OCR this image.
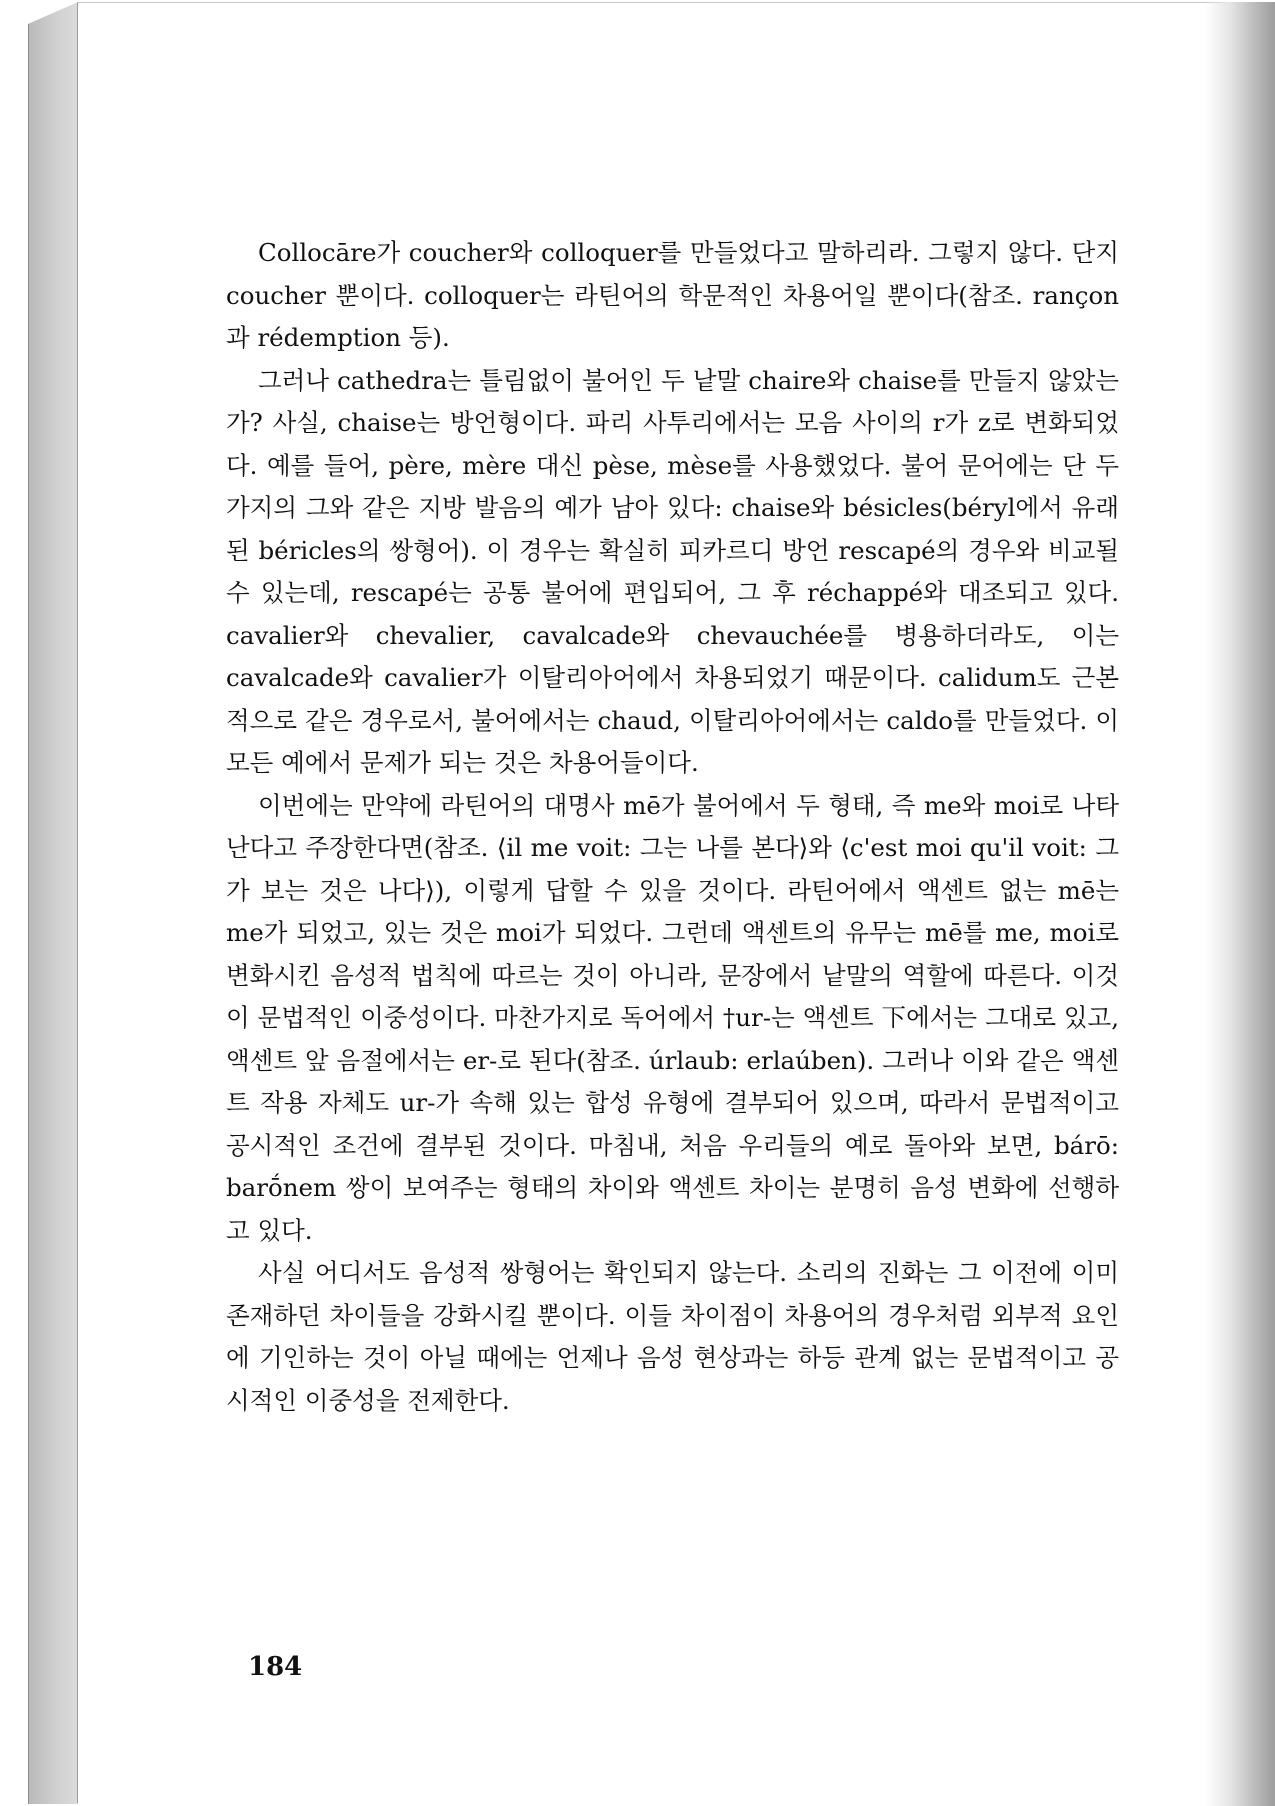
Collocāre가 coucher와 colloquer를 만들었다고 말하리라. 그렇지 않다. 단지 coucher 뿐이다. colloquer는 라틴어의 학문적인 차용어일 뿐이다(참조. rançon과 rédemption 등).

그러나 cathedra는 틀림없이 불어인 두 낱말 chaire와 chaise를 만들지 않았는가? 사실, chaise는 방언형이다. 파리 사투리에서는 모음 사이의 r가 z로 변화되었다. 예를 들어, père, mère 대신 pèse, mèse를 사용했었다. 불어 문어에는 단 두 가지의 그와 같은 지방 발음의 예가 남아 있다: chaise와 bésicles(béryl에서 유래된 béricles의 쌍형어). 이 경우는 확실히 피카르디 방언 rescapé의 경우와 비교될 수 있는데, rescapé는 공통 불어에 편입되어, 그 후 réchappé와 대조되고 있다. cavalier와 chevalier, cavalcade와 chevauchée를 병용하더라도, 이는 cavalcade와 cavalier가 이탈리아어에서 차용되었기 때문이다. calidum도 근본적으로 같은 경우로서, 불어에서는 chaud, 이탈리아어에서는 caldo를 만들었다. 이 모든 예에서 문제가 되는 것은 차용어들이다.

이번에는 만약에 라틴어의 대명사 mē가 불어에서 두 형태, 즉 me와 moi로 나타난다고 주장한다면(참조. ⟨il me voit: 그는 나를 본다⟩와 ⟨c'est moi qu'il voit: 그가 보는 것은 나다⟩), 이렇게 답할 수 있을 것이다. 라틴어에서 액센트 없는 mē는 me가 되었고, 있는 것은 moi가 되었다. 그런데 액센트의 유무는 mē를 me, moi로 변화시킨 음성적 법칙에 따르는 것이 아니라, 문장에서 낱말의 역할에 따른다. 이것이 문법적인 이중성이다. 마찬가지로 독어에서 †ur-는 액센트 下에서는 그대로 있고, 액센트 앞 음절에서는 er-로 된다(참조. úrlaub: erlaúben). 그러나 이와 같은 액센트 작용 자체도 ur-가 속해 있는 합성 유형에 결부되어 있으며, 따라서 문법적이고 공시적인 조건에 결부된 것이다. 마침내, 처음 우리들의 예로 돌아와 보면, bárō: barṓnem 쌍이 보여주는 형태의 차이와 액센트 차이는 분명히 음성 변화에 선행하고 있다.

사실 어디서도 음성적 쌍형어는 확인되지 않는다. 소리의 진화는 그 이전에 이미 존재하던 차이들을 강화시킬 뿐이다. 이들 차이점이 차용어의 경우처럼 외부적 요인에 기인하는 것이 아닐 때에는 언제나 음성 현상과는 하등 관계 없는 문법적이고 공시적인 이중성을 전제한다.

184
